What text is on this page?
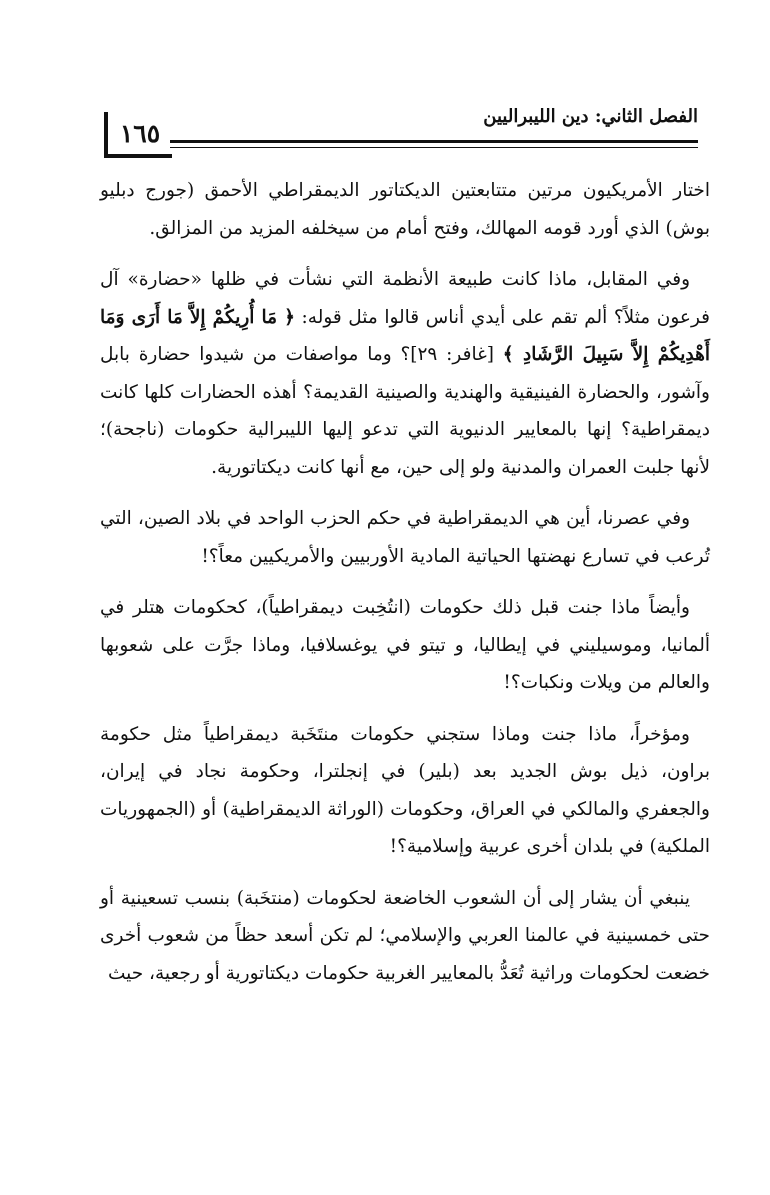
١٦٥
الفصل الثاني: دين الليبراليين

اختار الأمريكيون مرتين متتابعتين الديكتاتور الديمقراطي الأحمق (جورج دبليو بوش) الذي أورد قومه المهالك، وفتح أمام من سيخلفه المزيد من المزالق.

وفي المقابل، ماذا كانت طبيعة الأنظمة التي نشأت في ظلها «حضارة» آل فرعون مثلاً؟ ألم تقم على أيدي أناس قالوا مثل قوله: ﴿ مَا أُرِيكُمْ إِلاَّ مَا أَرَى وَمَا أَهْدِيكُمْ إِلاَّ سَبِيلَ الرَّشَادِ ﴾ [غافر: ٢٩]؟ وما مواصفات من شيدوا حضارة بابل وآشور، والحضارة الفينيقية والهندية والصينية القديمة؟ أهذه الحضارات كلها كانت ديمقراطية؟ إنها بالمعايير الدنيوية التي تدعو إليها الليبرالية حكومات (ناجحة)؛ لأنها جلبت العمران والمدنية ولو إلى حين، مع أنها كانت ديكتاتورية.

وفي عصرنا، أين هي الديمقراطية في حكم الحزب الواحد في بلاد الصين، التي تُرعب في تسارع نهضتها الحياتية المادية الأوربيين والأمريكيين معاً؟!

وأيضاً ماذا جنت قبل ذلك حكومات (انتُخِبت ديمقراطياً)، كحكومات هتلر في ألمانيا، وموسيليني في إيطاليا، و تيتو في يوغسلافيا، وماذا جرَّت على شعوبها والعالم من ويلات ونكبات؟!

ومؤخراً، ماذا جنت وماذا ستجني حكومات منتَخَبة ديمقراطياً مثل حكومة براون، ذيل بوش الجديد بعد (بلير) في إنجلترا، وحكومة نجاد في إيران، والجعفري والمالكي في العراق، وحكومات (الوراثة الديمقراطية) أو (الجمهوريات الملكية) في بلدان أخرى عربية وإسلامية؟!

ينبغي أن يشار إلى أن الشعوب الخاضعة لحكومات (منتخَبة) بنسب تسعينية أو حتى خمسينية في عالمنا العربي والإسلامي؛ لم تكن أسعد حظاً من شعوب أخرى خضعت لحكومات وراثية تُعَدُّ بالمعايير الغربية حكومات ديكتاتورية أو رجعية، حيث
